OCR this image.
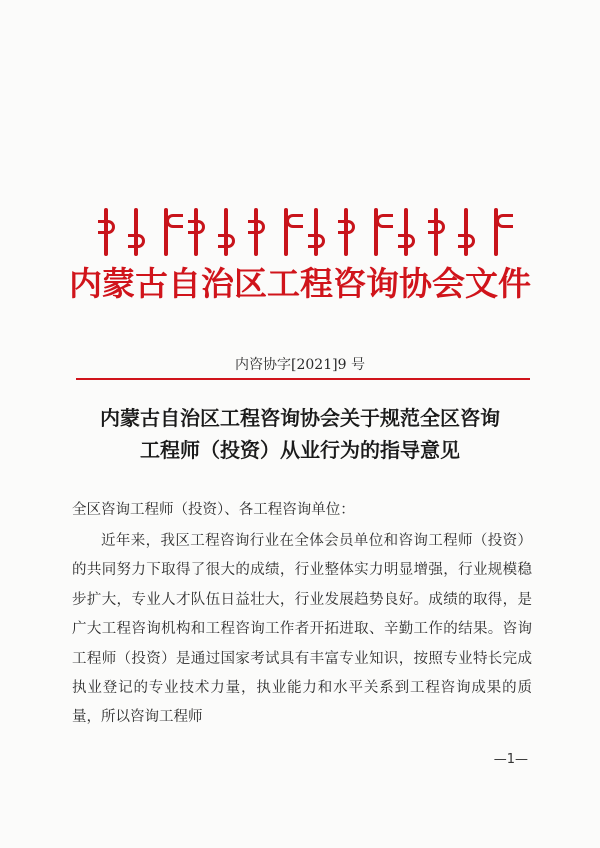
内蒙古自治区工程咨询协会文件
内咨协字[2021]9 号
内蒙古自治区工程咨询协会关于规范全区咨询
工程师（投资）从业行为的指导意见
全区咨询工程师（投资）、各工程咨询单位：

近年来，我区工程咨询行业在全体会员单位和咨询工程师（投资）的共同努力下取得了很大的成绩，行业整体实力明显增强，行业规模稳步扩大，专业人才队伍日益壮大，行业发展趋势良好。成绩的取得，是广大工程咨询机构和工程咨询工作者开拓进取、辛勤工作的结果。咨询工程师（投资）是通过国家考试具有丰富专业知识，按照专业特长完成执业登记的专业技术力量，执业能力和水平关系到工程咨询成果的质量，所以咨询工程师

—1—
